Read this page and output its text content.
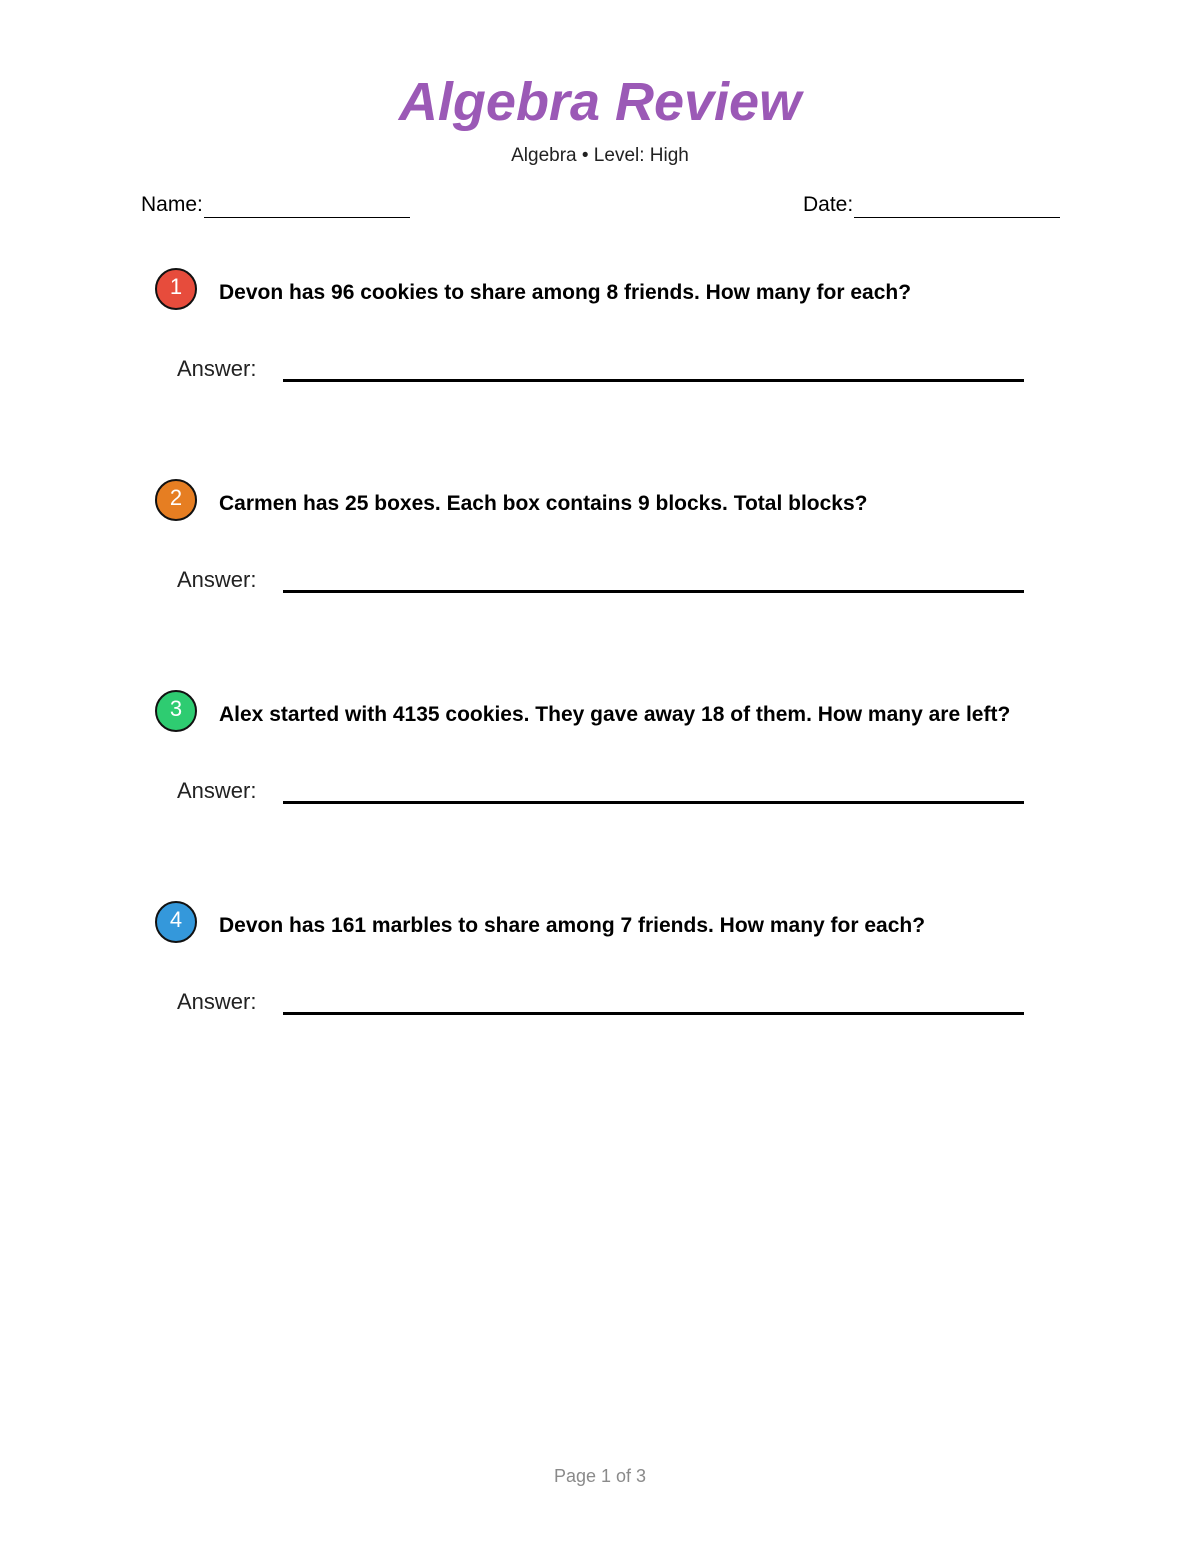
Algebra Review
Algebra • Level: High
Name:	Date:
1	Devon has 96 cookies to share among 8 friends. How many for each?
Answer:
2	Carmen has 25 boxes. Each box contains 9 blocks. Total blocks?
Answer:
3	Alex started with 4135 cookies. They gave away 18 of them. How many are left?
Answer:
4	Devon has 161 marbles to share among 7 friends. How many for each?
Answer:
Page 1 of 3
